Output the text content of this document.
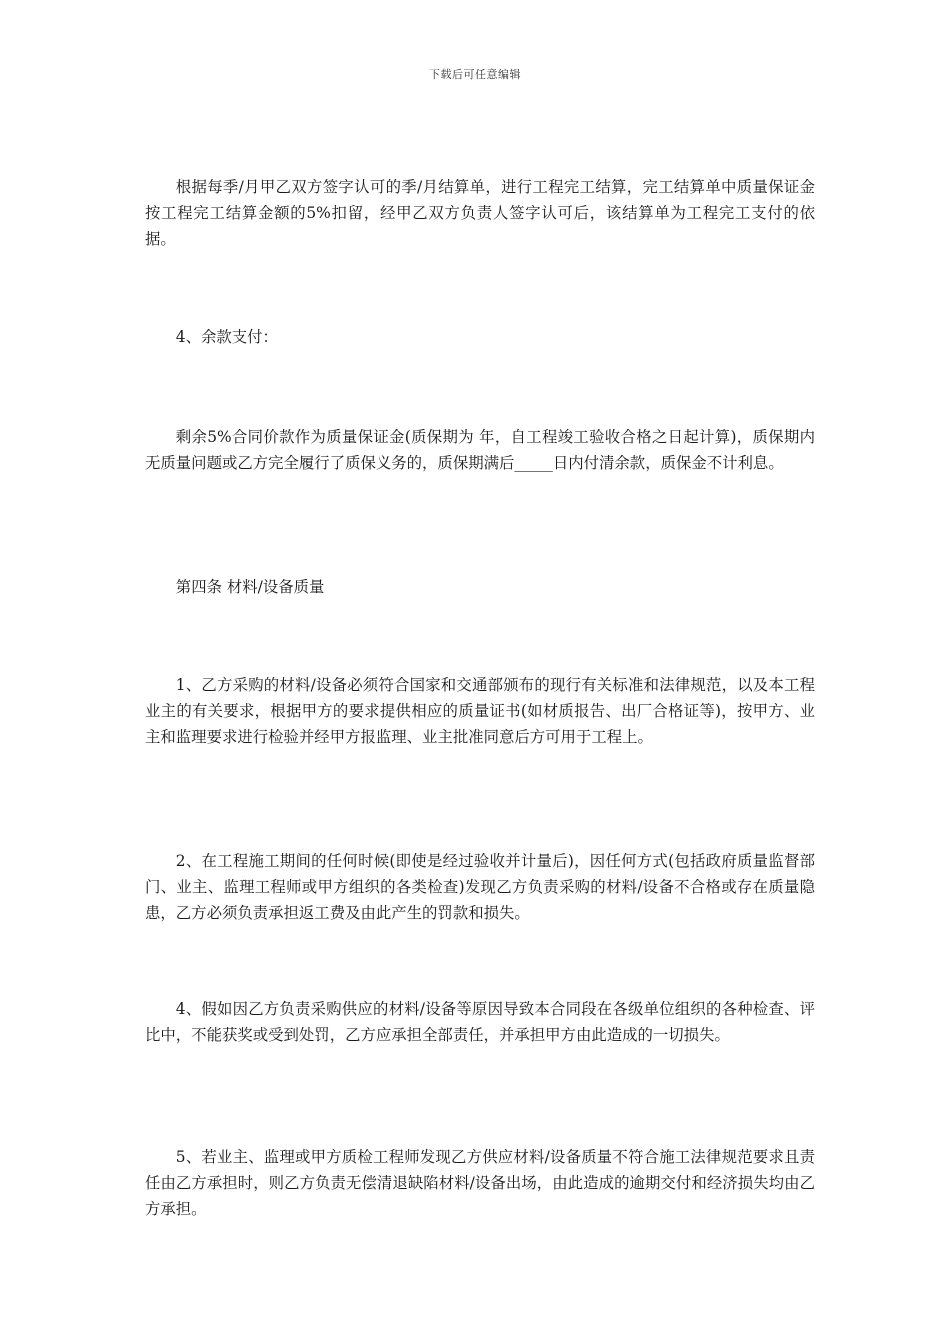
下载后可任意编辑

根据每季/月甲乙双方签字认可的季/月结算单，进行工程完工结算，完工结算单中质量保证金按工程完工结算金额的5%扣留，经甲乙双方负责人签字认可后，该结算单为工程完工支付的依据。

4、余款支付：

剩余5%合同价款作为质量保证金(质保期为 年，自工程竣工验收合格之日起计算)，质保期内无质量问题或乙方完全履行了质保义务的，质保期满后_____日内付清余款，质保金不计利息。

第四条 材料/设备质量

1、乙方采购的材料/设备必须符合国家和交通部颁布的现行有关标准和法律规范，以及本工程业主的有关要求，根据甲方的要求提供相应的质量证书(如材质报告、出厂合格证等)，按甲方、业主和监理要求进行检验并经甲方报监理、业主批准同意后方可用于工程上。

2、在工程施工期间的任何时候(即使是经过验收并计量后)，因任何方式(包括政府质量监督部门、业主、监理工程师或甲方组织的各类检查)发现乙方负责采购的材料/设备不合格或存在质量隐患，乙方必须负责承担返工费及由此产生的罚款和损失。

4、假如因乙方负责采购供应的材料/设备等原因导致本合同段在各级单位组织的各种检查、评比中，不能获奖或受到处罚，乙方应承担全部责任，并承担甲方由此造成的一切损失。

5、若业主、监理或甲方质检工程师发现乙方供应材料/设备质量不符合施工法律规范要求且责任由乙方承担时，则乙方负责无偿清退缺陷材料/设备出场，由此造成的逾期交付和经济损失均由乙方承担。
